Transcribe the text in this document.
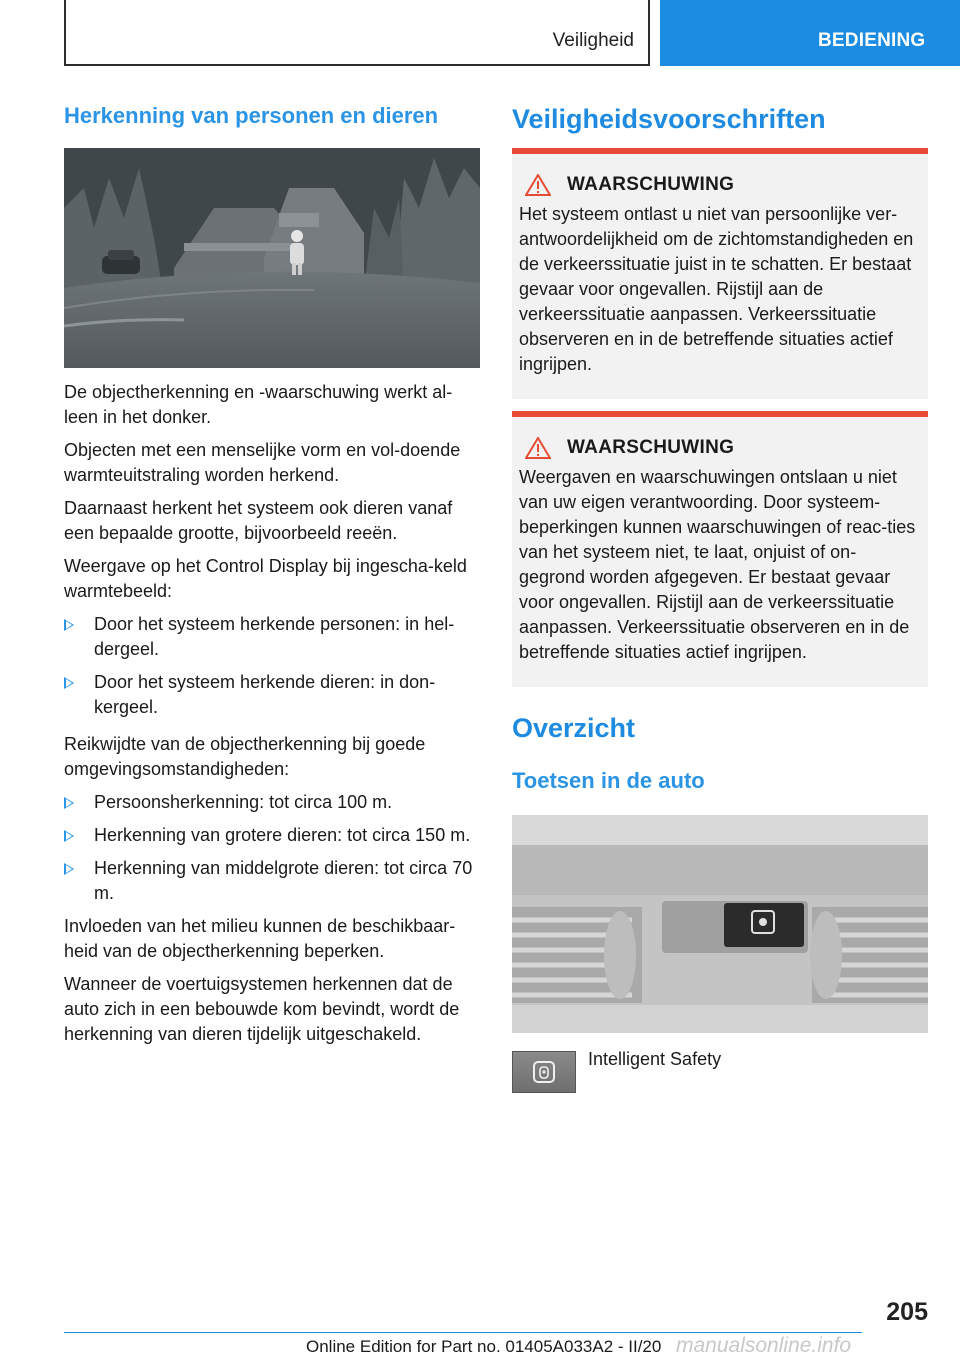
Veiligheid	BEDIENING
Herkenning van personen en dieren

De objectherkenning en -waarschuwing werkt al-leen in het donker.

Objecten met een menselijke vorm en vol-doende warmteuitstraling worden herkend.

Daarnaast herkent het systeem ook dieren vanaf een bepaalde grootte, bijvoorbeeld reeën.

Weergave op het Control Display bij ingescha-keld warmtebeeld:

Door het systeem herkende personen: in hel-dergeel.
Door het systeem herkende dieren: in don-kergeel.

Reikwijdte van de objectherkenning bij goede omgevingsomstandigheden:

Persoonsherkenning: tot circa 100 m.
Herkenning van grotere dieren: tot circa 150 m.
Herkenning van middelgrote dieren: tot circa 70 m.

Invloeden van het milieu kunnen de beschikbaar-heid van de objectherkenning beperken.

Wanneer de voertuigsystemen herkennen dat de auto zich in een bebouwde kom bevindt, wordt de herkenning van dieren tijdelijk uitgeschakeld.

Veiligheidsvoorschriften
WAARSCHUWING

Het systeem ontlast u niet van persoonlijke ver-antwoordelijkheid om de zichtomstandigheden en de verkeerssituatie juist in te schatten. Er bestaat gevaar voor ongevallen. Rijstijl aan de verkeerssituatie aanpassen. Verkeerssituatie observeren en in de betreffende situaties actief ingrijpen.

WAARSCHUWING

Weergaven en waarschuwingen ontslaan u niet van uw eigen verantwoording. Door systeem-beperkingen kunnen waarschuwingen of reac-ties van het systeem niet, te laat, onjuist of on-gegrond worden afgegeven. Er bestaat gevaar voor ongevallen. Rijstijl aan de verkeerssituatie aanpassen. Verkeerssituatie observeren en in de betreffende situaties actief ingrijpen.

Overzicht
Toetsen in de auto
Intelligent Safety
205
Online Edition for Part no. 01405A033A2 - II/20 manualsonline.info
